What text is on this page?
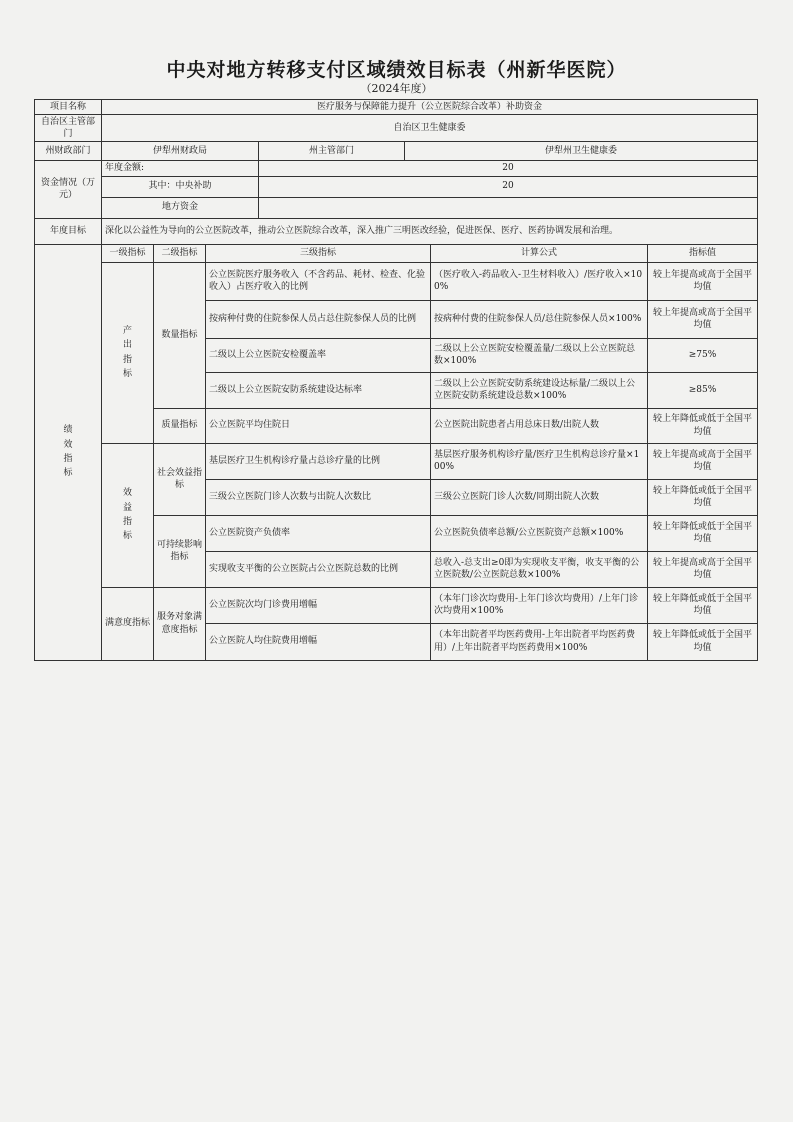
中央对地方转移支付区域绩效目标表（州新华医院）
（2024年度）
项目名称	医疗服务与保障能力提升（公立医院综合改革）补助资金						
自治区主管部门	自治区卫生健康委						
州财政部门	伊犁州财政局			州主管部门	伊犁州卫生健康委		
资金情况（万元）	年度金额:			20			
	其中：中央补助			20			
	地方资金						
年度目标	深化以公益性为导向的公立医院改革，推动公立医院综合改革，深入推广三明医改经验，促进医保、医疗、医药协调发展和治理。						
绩效指标	一级指标	二级指标	三级指标			计算公式	指标值
	产出指标	数量指标	公立医院医疗服务收入（不含药品、耗材、检查、化验收入）占医疗收入的比例			（医疗收入-药品收入-卫生材料收入）/医疗收入×100%	较上年提高或高于全国平均值
			按病种付费的住院参保人员占总住院参保人员的比例			按病种付费的住院参保人员/总住院参保人员×100%	较上年提高或高于全国平均值
			二级以上公立医院安检覆盖率			二级以上公立医院安检覆盖量/二级以上公立医院总数×100%	≥75%
			二级以上公立医院安防系统建设达标率			二级以上公立医院安防系统建设达标量/二级以上公立医院安防系统建设总数×100%	≥85%
		质量指标	公立医院平均住院日			公立医院出院患者占用总床日数/出院人数	较上年降低或低于全国平均值
	效益指标	社会效益指标	基层医疗卫生机构诊疗量占总诊疗量的比例			基层医疗服务机构诊疗量/医疗卫生机构总诊疗量×100%	较上年提高或高于全国平均值
			三级公立医院门诊人次数与出院人次数比			三级公立医院门诊人次数/同期出院人次数	较上年降低或低于全国平均值
		可持续影响指标	公立医院资产负债率			公立医院负债率总额/公立医院资产总额×100%	较上年降低或低于全国平均值
			实现收支平衡的公立医院占公立医院总数的比例			总收入-总支出≥0即为实现收支平衡，收支平衡的公立医院数/公立医院总数×100%	较上年提高或高于全国平均值
	满意度指标	服务对象满意度指标	公立医院次均门诊费用增幅			（本年门诊次均费用-上年门诊次均费用）/上年门诊次均费用×100%	较上年降低或低于全国平均值
			公立医院人均住院费用增幅			（本年出院者平均医药费用-上年出院者平均医药费用）/上年出院者平均医药费用×100%	较上年降低或低于全国平均值
